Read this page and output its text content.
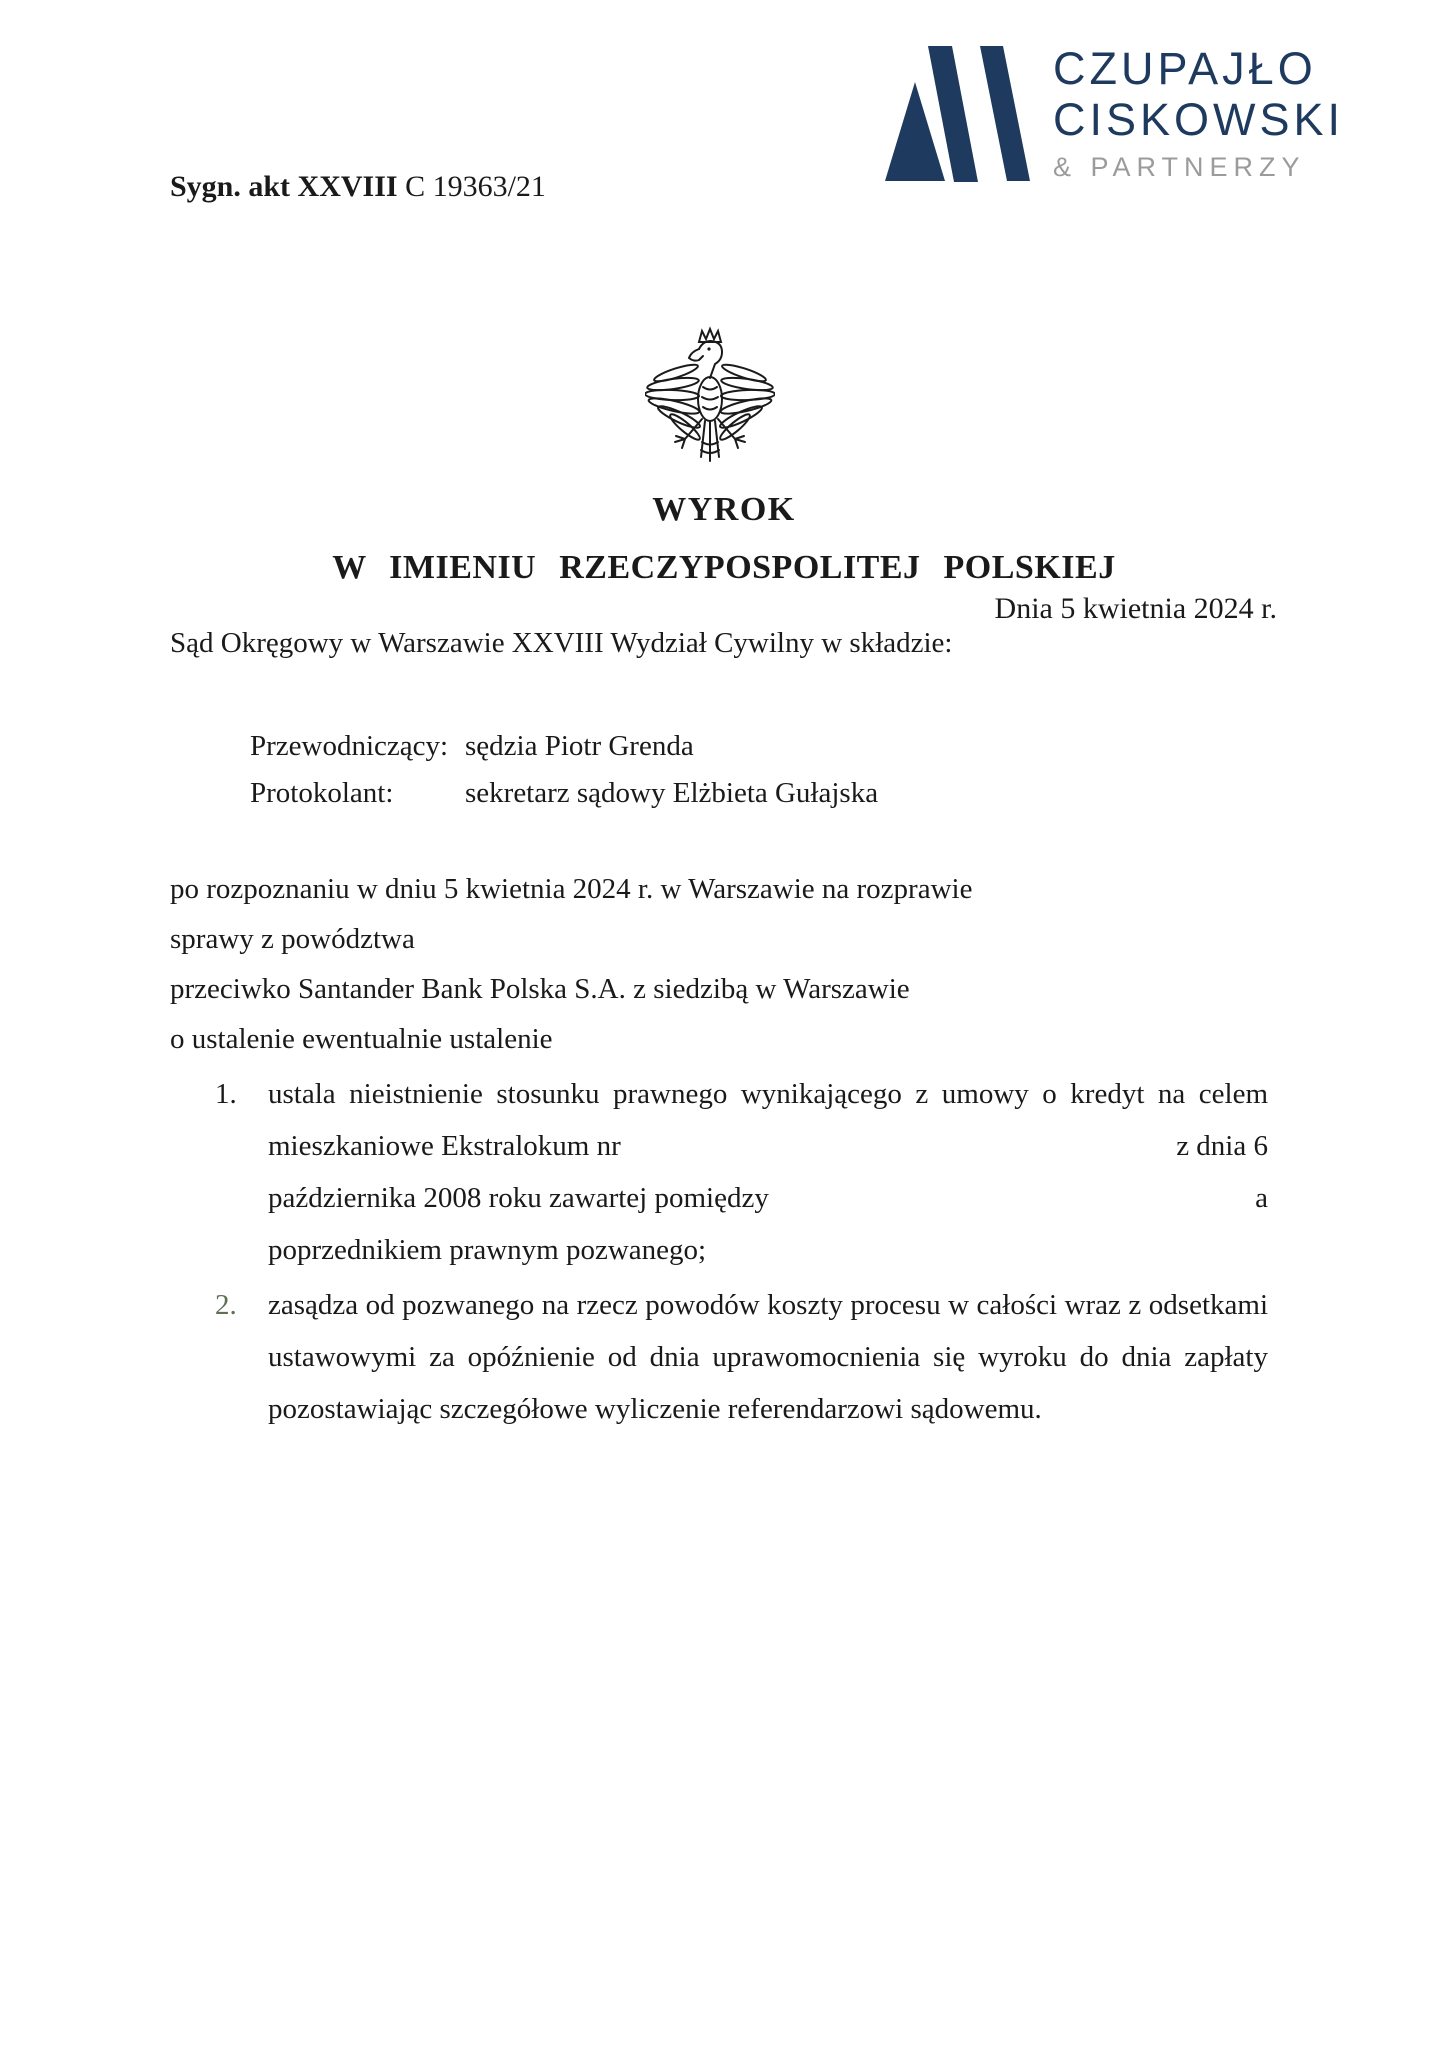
Sygn. akt XXVIII C 19363/21
CZUPAJŁO
CISKOWSKI
& PARTNERZY
WYROK
W IMIENIU RZECZYPOSPOLITEJ POLSKIEJ
Dnia 5 kwietnia 2024 r.
Sąd Okręgowy w Warszawie XXVIII Wydział Cywilny w składzie:
Przewodniczący: sędzia Piotr Grenda
Protokolant:	sekretarz sądowy Elżbieta Gułajska
po rozpoznaniu w dniu 5 kwietnia 2024 r. w Warszawie na rozprawie
sprawy z powództwa
przeciwko Santander Bank Polska S.A. z siedzibą w Warszawie
o ustalenie ewentualnie ustalenie
1.	ustala nieistnienie stosunku prawnego wynikającego z umowy o kredyt na celem
mieszkaniowe Ekstralokum nr	z dnia 6
października 2008 roku zawartej pomiędzy	a
poprzednikiem prawnym pozwanego;
2.	zasądza od pozwanego na rzecz powodów koszty procesu w całości wraz z odsetkami ustawowymi za opóźnienie od dnia uprawomocnienia się wyroku do dnia zapłaty pozostawiając szczegółowe wyliczenie referendarzowi sądowemu.
